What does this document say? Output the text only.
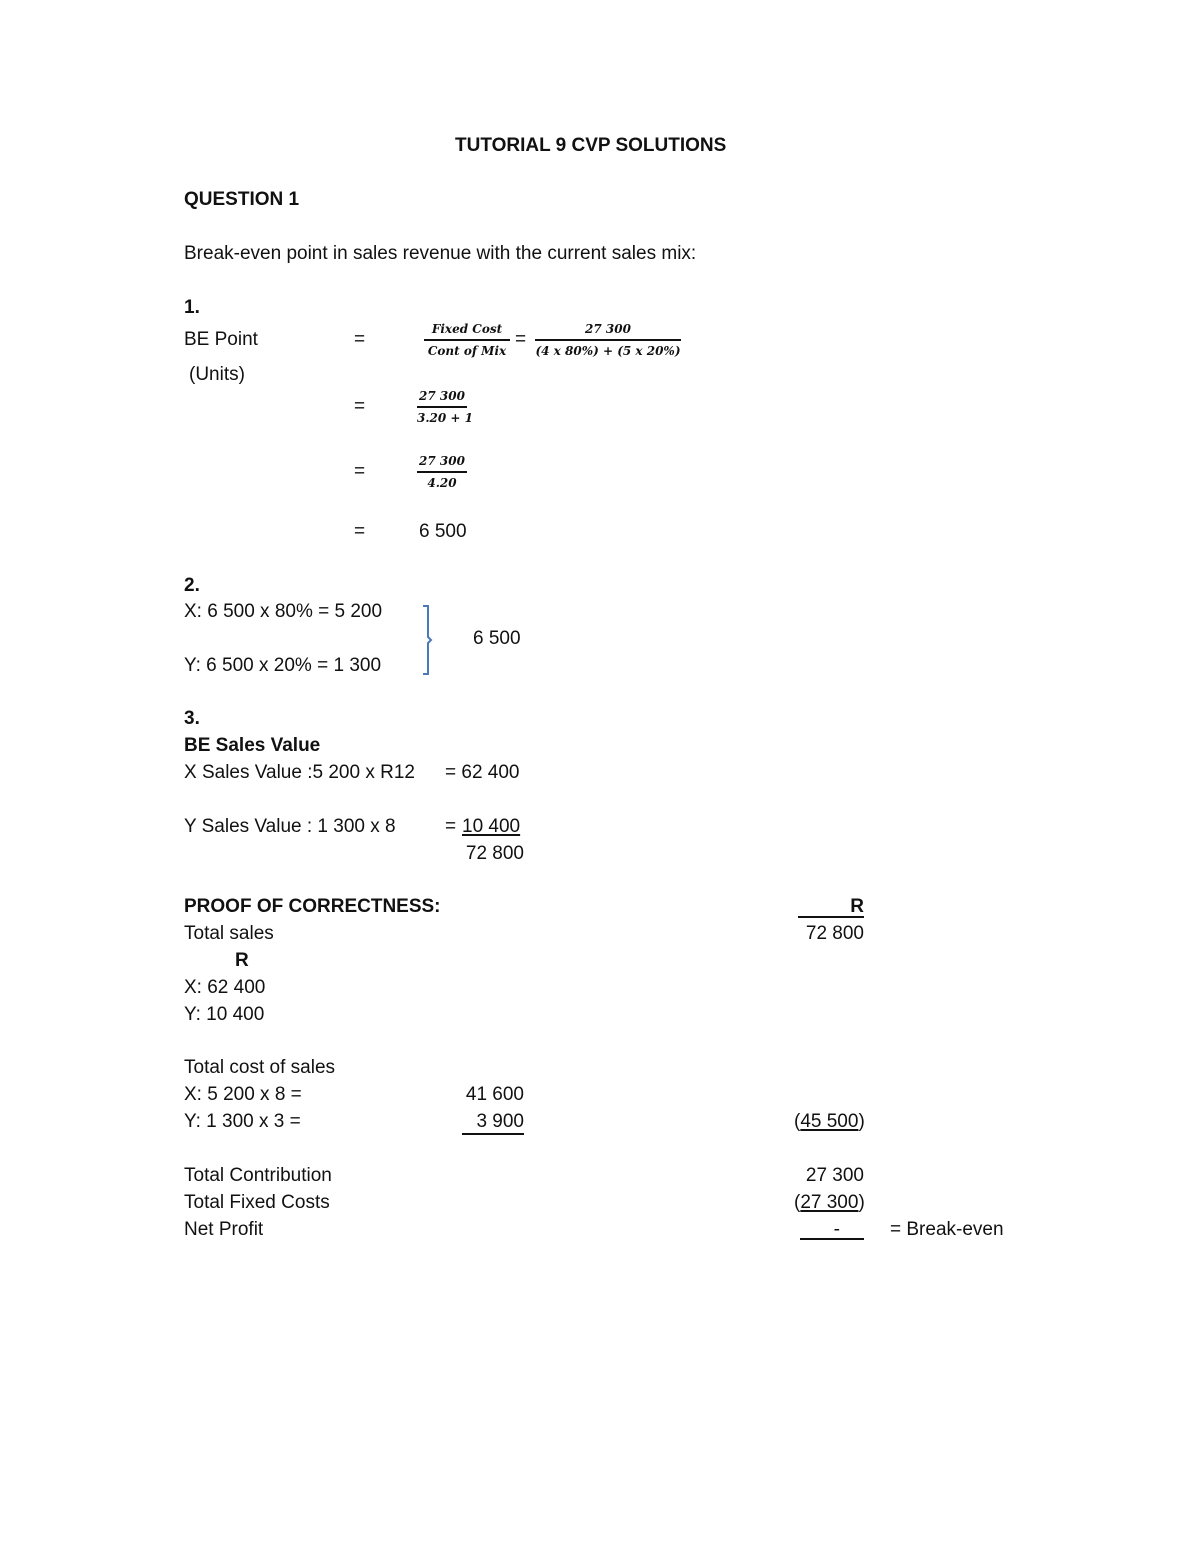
TUTORIAL 9 CVP SOLUTIONS
QUESTION 1
Break-even point in sales revenue with the current sales mix:
1.
BE Point
(Units)
=	Fixed Cost
Cont of Mix
=	27 300
(4 x 80%) + (5 x 20%)
=	27 300
3.20 + 1
=	27 300
4.20
=	6 500
2.
X: 6 500 x 80% = 5 200
Y: 6 500 x 20% = 1 300
6 500
3.
BE Sales Value
X Sales Value :5 200 x R12 = 62 400
Y Sales Value : 1 300 x 8	= 10 400
72 800
PROOF OF CORRECTNESS:	R
Total sales	72 800
R
X: 62 400
Y: 10 400
Total cost of sales
X: 5 200 x 8 =	41 600
Y: 1 300 x 3 =	3 900	(45 500)
Total Contribution	27 300
Total Fixed Costs	(27 300)
Net Profit	-	= Break-even
